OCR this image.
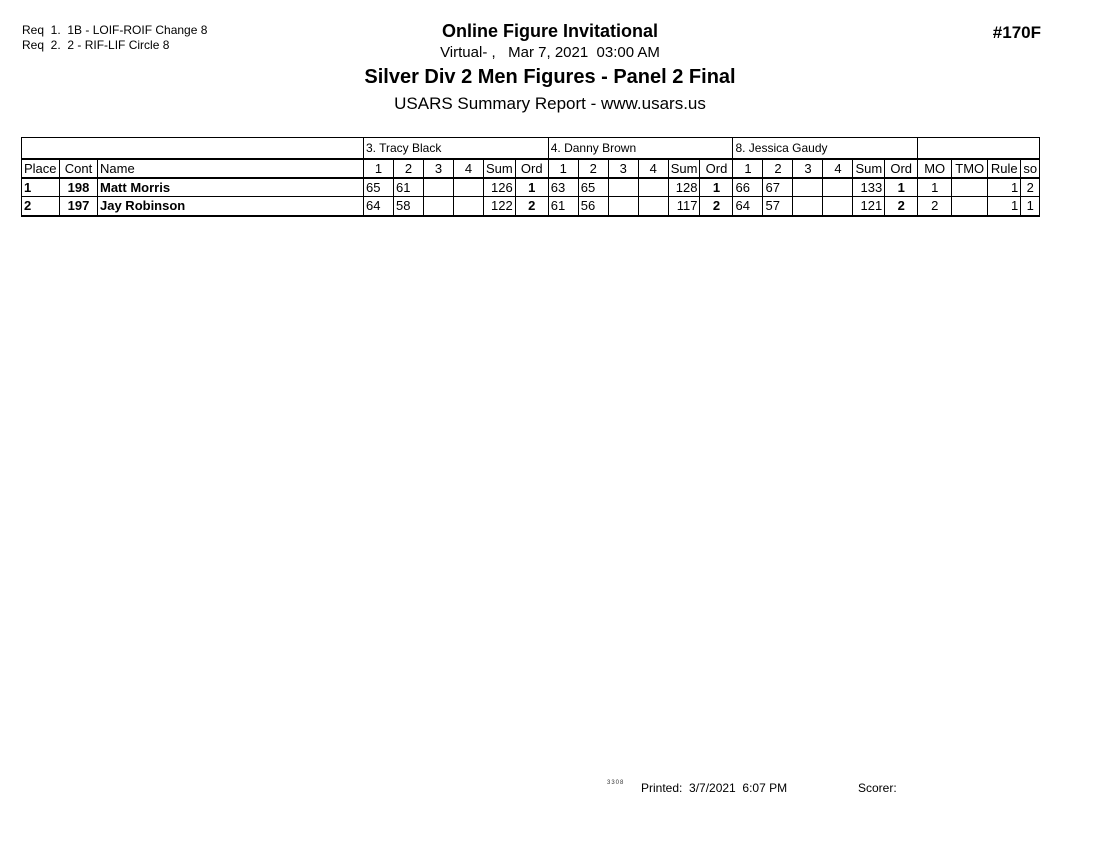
Req  1.  1B - LOIF-ROIF Change 8
Req  2.  2 - RIF-LIF Circle 8
Online Figure Invitational
Virtual- ,   Mar 7, 2021  03:00 AM
Silver Div 2 Men Figures - Panel 2 Final
USARS Summary Report - www.usars.us
#170F
			3. Tracy Black						4. Danny Brown						8. Jessica Gaudy									
Place	Cont	Name	1	2	3	4	Sum	Ord	1	2	3	4	Sum	Ord	1	2	3	4	Sum	Ord	MO	TMO	Rule	so
1	198	Matt Morris	65	61			126	1	63	65			128	1	66	67			133	1	1		1	2
2	197	Jay Robinson	64	58			122	2	61	56			117	2	64	57			121	2	2		1	1
3308 Printed:  3/7/2021  6:07 PM	Scorer:
